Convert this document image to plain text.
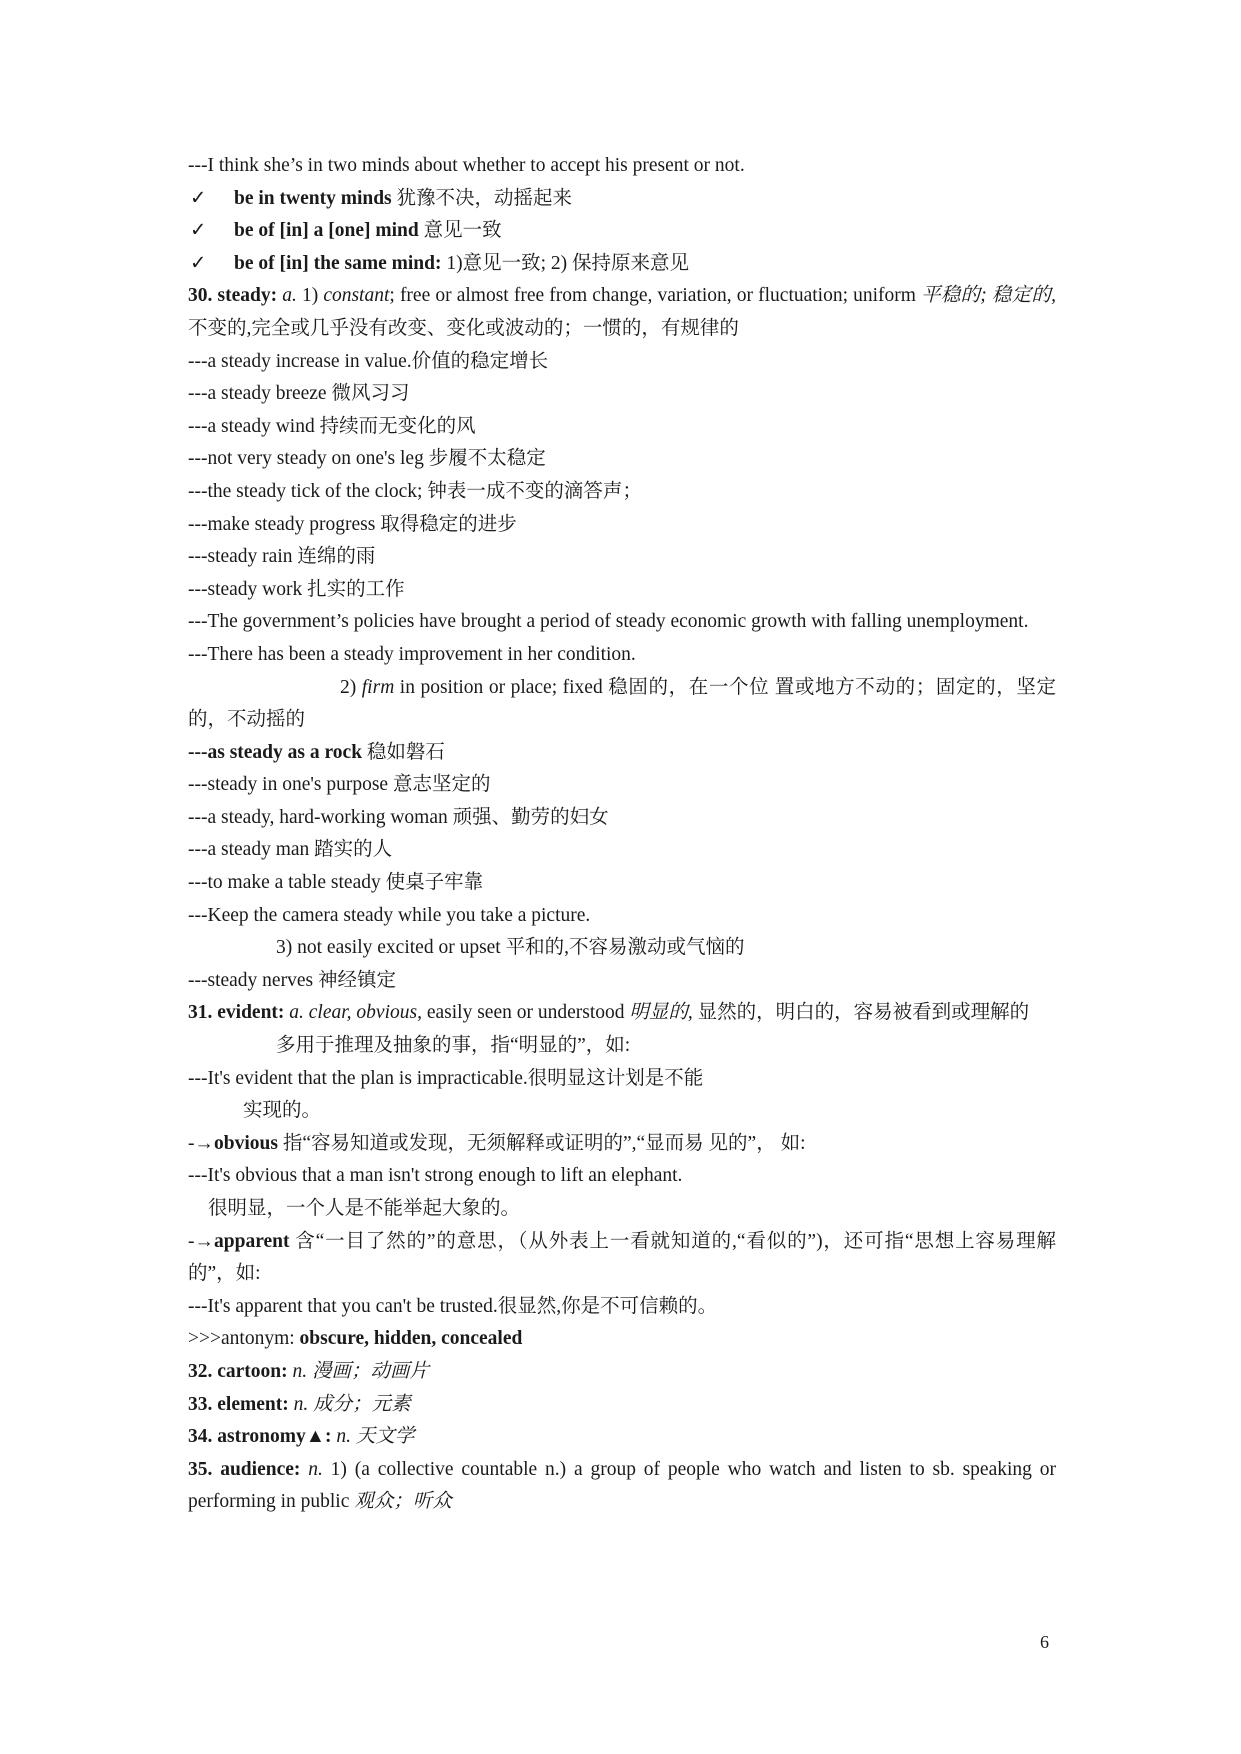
---I think she’s in two minds about whether to accept his present or not.
✓ be in twenty minds 犹豫不决，动摇起来
✓ be of [in] a [one] mind 意见一致
✓ be of [in] the same mind: 1)意见一致; 2) 保持原来意见
30. steady: a. 1) constant; free or almost free from change, variation, or fluctuation; uniform 平稳的; 稳定的, 不变的,完全或几乎没有改变、变化或波动的；一惯的，有规律的
---a steady increase in value.价值的稳定增长
---a steady breeze 微风习习
---a steady wind 持续而无变化的风
---not very steady on one's leg 步履不太稳定
---the steady tick of the clock; 钟表一成不变的滴答声；
---make steady progress 取得稳定的进步
---steady rain 连绵的雨
---steady work 扎实的工作
---The government’s policies have brought a period of steady economic growth with falling unemployment.
---There has been a steady improvement in her condition.
2) firm in position or place; fixed 稳固的，在一个位 置或地方不动的；固定的，坚定的，不动摇的
---as steady as a rock 稳如磐石
---steady in one's purpose 意志坚定的
---a steady, hard-working woman 顽强、勤劳的妇女
---a steady man 踏实的人
---to make a table steady 使桌子牢靠
---Keep the camera steady while you take a picture.
3) not easily excited or upset 平和的,不容易激动或气恼的
---steady nerves 神经镇定
31. evident: a. clear, obvious, easily seen or understood 明显的, 显然的，明白的，容易被看到或理解的
多用于推理及抽象的事，指“明显的”，如:
---It's evident that the plan is impracticable.很明显这计划是不能
实现的。
-→obvious 指“容易知道或发现，无须解释或证明的”,“显而易 见的”， 如:
---It's obvious that a man isn't strong enough to lift an elephant.
很明显，一个人是不能举起大象的。
-→apparent 含“一目了然的”的意思，（从外表上一看就知道的,“看似的”)，还可指“思想上容易理解的”，如:
---It's apparent that you can't be trusted.很显然,你是不可信赖的。
>>>antonym: obscure, hidden, concealed
32. cartoon: n. 漫画；动画片
33. element: n. 成分；元素
34. astronomy▲: n. 天文学
35. audience: n. 1) (a collective countable n.) a group of people who watch and listen to sb. speaking or performing in public 观众；听众
6
